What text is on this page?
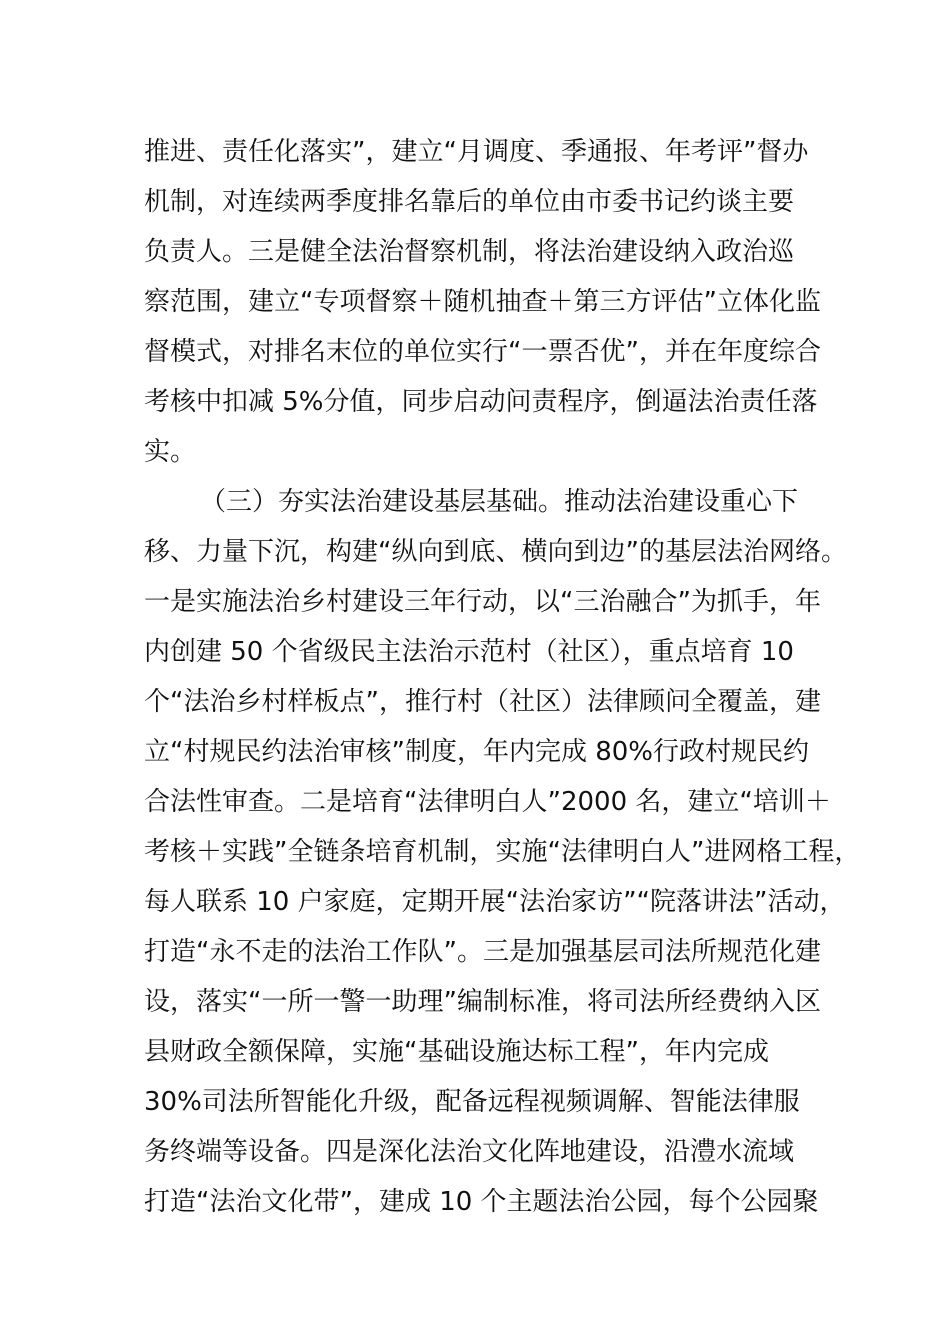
推进、责任化落实”，建立“月调度、季通报、年考评”督办
机制，对连续两季度排名靠后的单位由市委书记约谈主要
负责人。三是健全法治督察机制，将法治建设纳入政治巡
察范围，建立“专项督察＋随机抽查＋第三方评估”立体化监
督模式，对排名末位的单位实行“一票否优”，并在年度综合
考核中扣减 5%分值，同步启动问责程序，倒逼法治责任落
实。
（三）夯实法治建设基层基础。推动法治建设重心下
移、力量下沉，构建“纵向到底、横向到边”的基层法治网络。
一是实施法治乡村建设三年行动，以“三治融合”为抓手，年
内创建 50 个省级民主法治示范村（社区），重点培育 10
个“法治乡村样板点”，推行村（社区）法律顾问全覆盖，建
立“村规民约法治审核”制度，年内完成 80%行政村规民约
合法性审查。二是培育“法律明白人”2000 名，建立“培训＋
考核＋实践”全链条培育机制，实施“法律明白人”进网格工程，
每人联系 10 户家庭，定期开展“法治家访”“院落讲法”活动，
打造“永不走的法治工作队”。三是加强基层司法所规范化建
设，落实“一所一警一助理”编制标准，将司法所经费纳入区
县财政全额保障，实施“基础设施达标工程”，年内完成
30%司法所智能化升级，配备远程视频调解、智能法律服
务终端等设备。四是深化法治文化阵地建设，沿澧水流域
打造“法治文化带”，建成 10 个主题法治公园，每个公园聚
